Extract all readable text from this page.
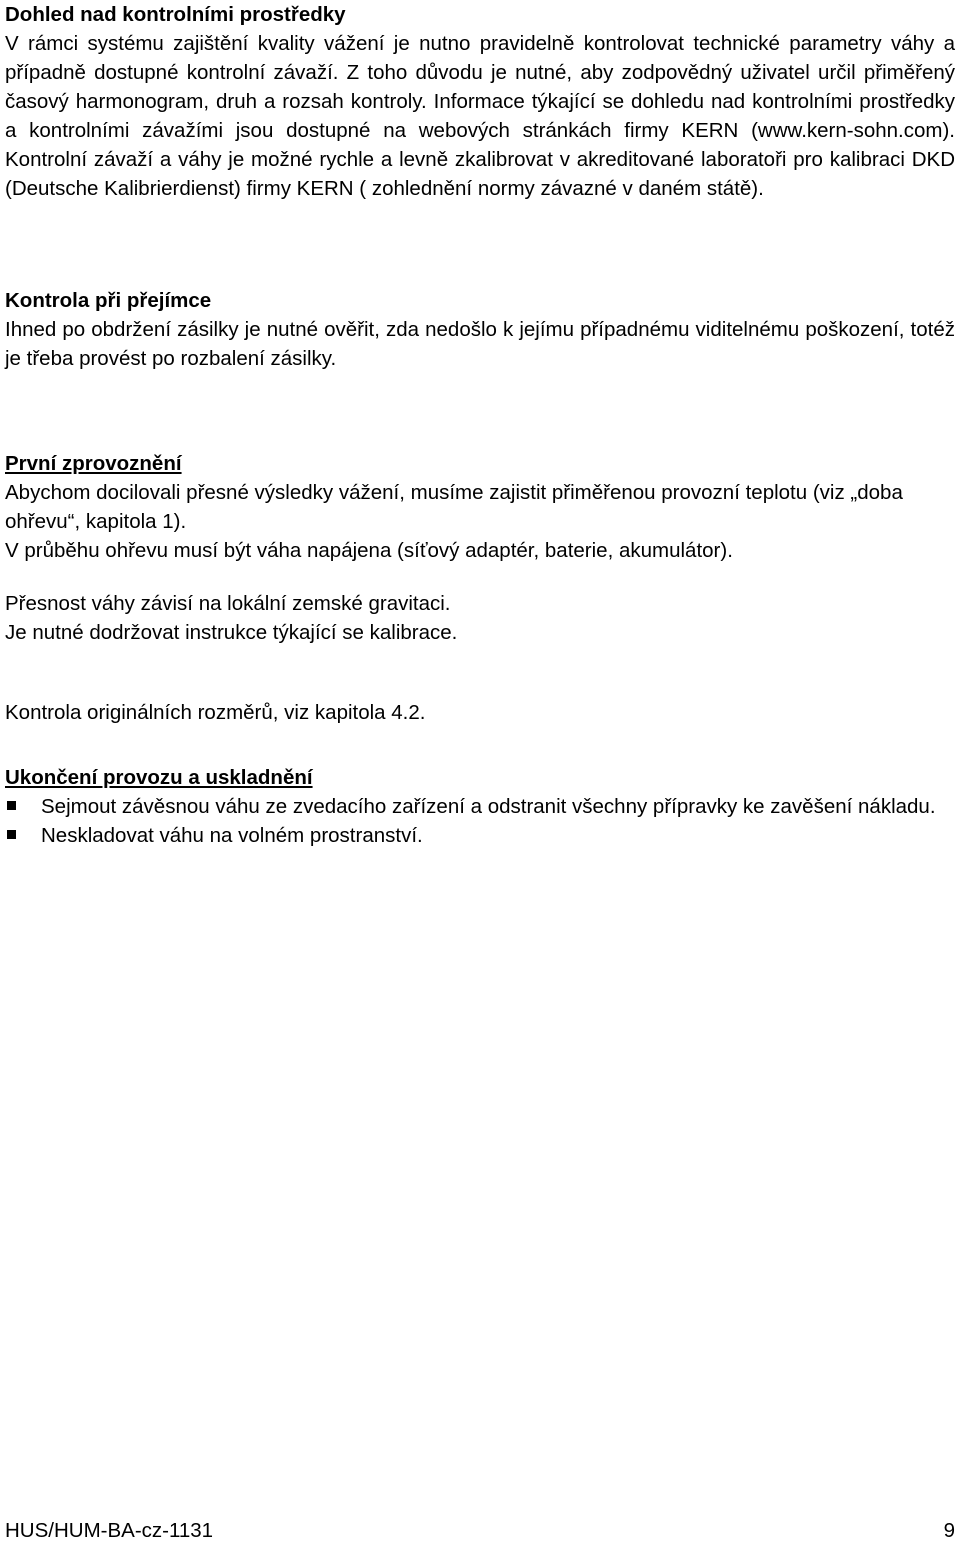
Dohled nad kontrolními prostředky

V rámci systému zajištění kvality vážení je nutno pravidelně kontrolovat technické parametry váhy a případně dostupné kontrolní závaží. Z toho důvodu je nutné, aby zodpovědný uživatel určil přiměřený časový harmonogram, druh a rozsah kontroly. Informace týkající se dohledu nad kontrolními prostředky a kontrolními závažími jsou dostupné na webových stránkách firmy KERN (www.kern-sohn.com). Kontrolní závaží a váhy je možné rychle a levně zkalibrovat v akreditované laboratoři pro kalibraci DKD (Deutsche Kalibrierdienst) firmy KERN ( zohlednění normy závazné v daném státě).

Kontrola při přejímce

Ihned po obdržení zásilky je nutné ověřit, zda nedošlo k jejímu případnému viditelnému poškození, totéž je třeba provést po rozbalení zásilky.

První zprovoznění

Abychom docilovali přesné výsledky vážení, musíme zajistit přiměřenou provozní teplotu (viz „doba ohřevu“, kapitola 1).

V průběhu ohřevu musí být váha napájena (síťový adaptér, baterie, akumulátor).

Přesnost váhy závisí na lokální zemské gravitaci.

Je nutné dodržovat instrukce týkající se kalibrace.

Kontrola originálních rozměrů, viz kapitola 4.2.

Ukončení provozu a uskladnění

Sejmout závěsnou váhu ze zvedacího zařízení a odstranit všechny přípravky ke zavěšení nákladu.
Neskladovat váhu na volném prostranství.
HUS/HUM-BA-cz-1131	9
